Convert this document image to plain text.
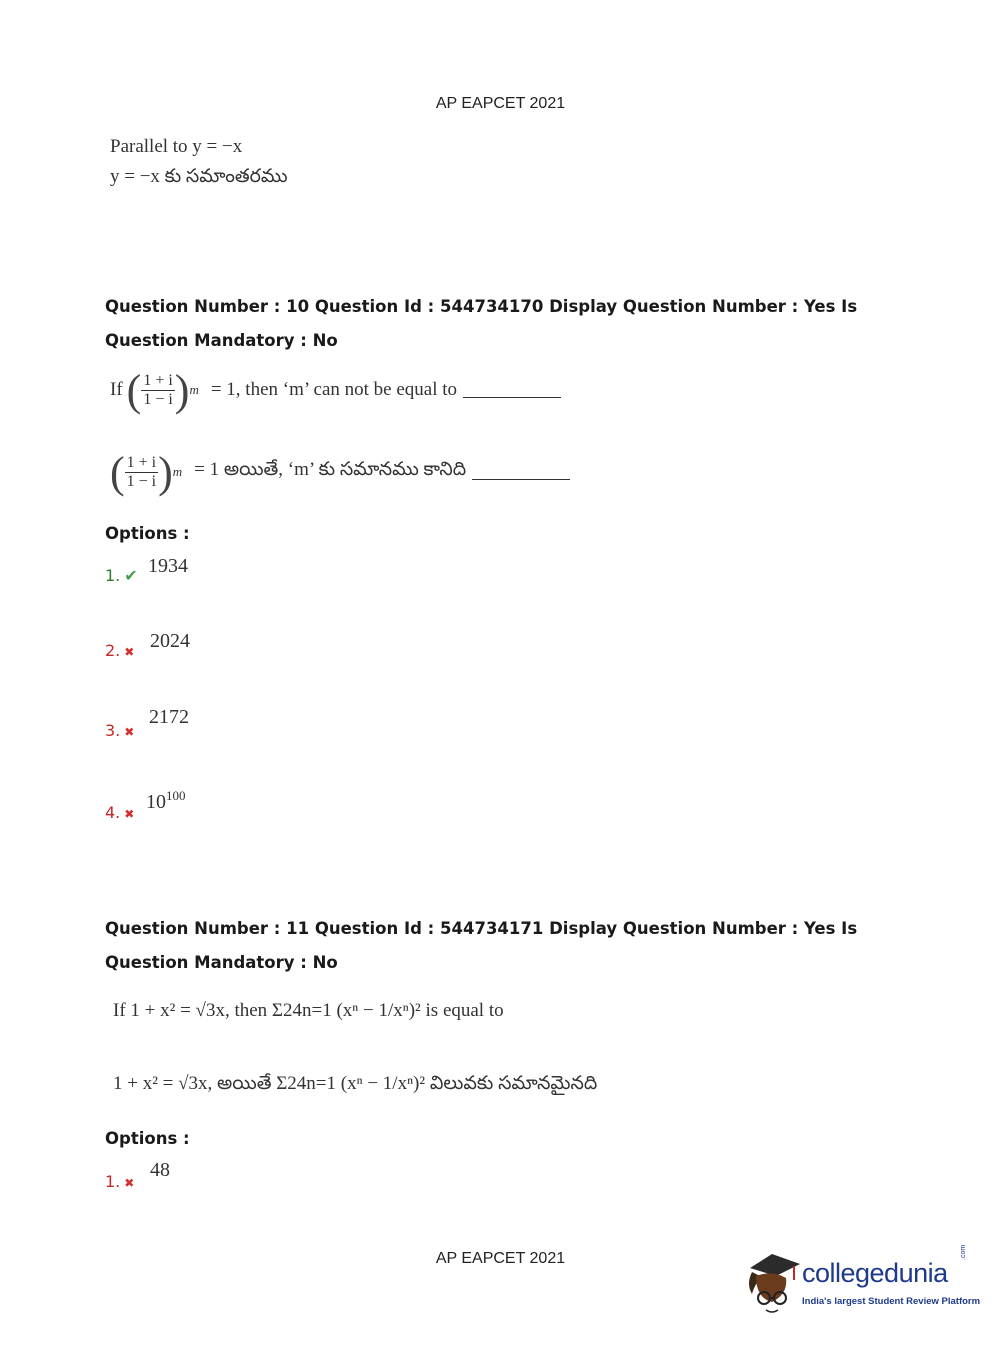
AP EAPCET 2021
Parallel to y = −x
y = −x కు సమాంతరము
Question Number : 10 Question Id : 544734170 Display Question Number : Yes Is Question Mandatory : No
If ( $\frac{1 + i}{1 - i}$ ) m = 1, then ‘m’ can not be equal to
( $\frac{1 + i}{1 - i}$ ) m = 1 అయితే, ‘m’ కు సమానము కానిది
Options :
1. ✔ 1934
2. ✖ 2024
3. ✖
2172
4. ✖
$10^{100}$
Question Number : 11 Question Id : 544734171 Display Question Number : Yes Is Question Mandatory : No
If 1 + x² = √3x, then Σ24n=1 (xⁿ − 1/xⁿ)² is equal to
1 + x² = √3x, అయితే Σ24n=1 (xⁿ − 1/xⁿ)² విలువకు సమానమైనది
Options :
1. ✖
48
AP EAPCET 2021	collegedunia
.com
India's largest Student Review Platform
